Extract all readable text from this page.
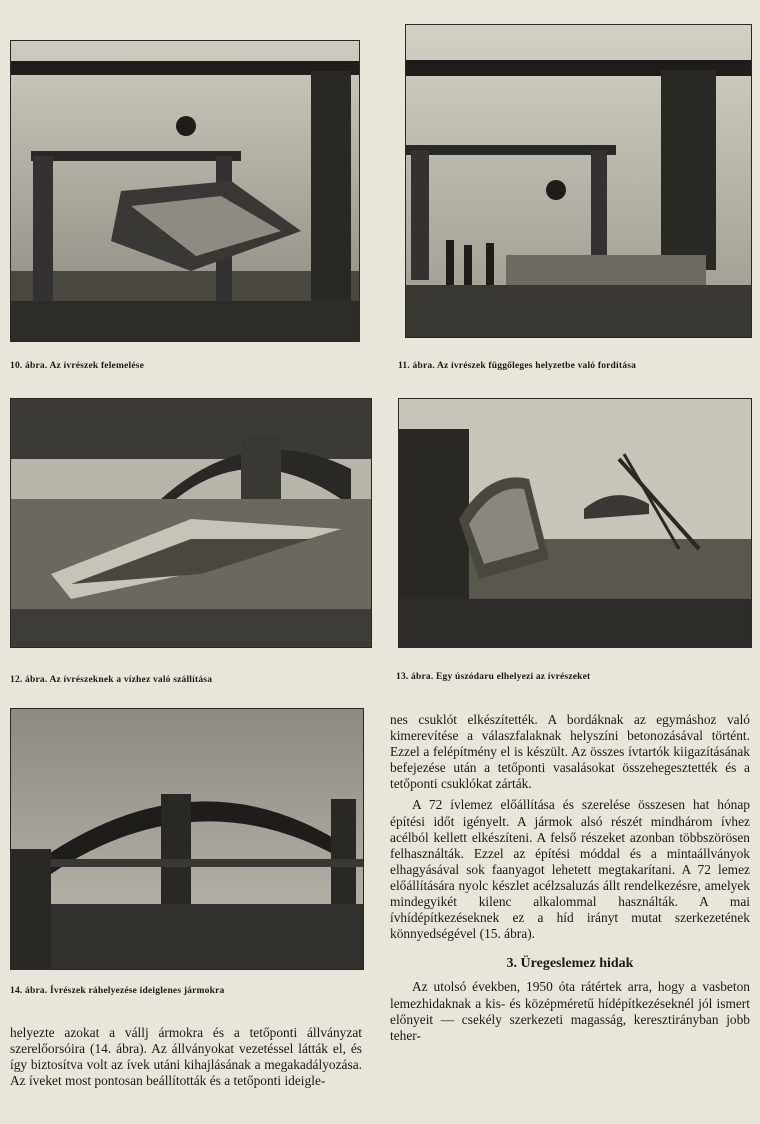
10. ábra. Az ívrészek felemelése	11. ábra. Az ívrészek függőleges helyzetbe való fordítása
12. ábra. Az ívrészeknek a vízhez való szállítása	13. ábra. Egy úszódaru elhelyezi az ívrészeket
14. ábra. Ívrészek ráhelyezése ideiglenes jármokra

nes csuklót elkészítették. A bordáknak az egymáshoz való kimerevítése a válaszfalaknak helyszíni betonozásával történt. Ezzel a felépítmény el is készült. Az összes ívtartók kiigazításának befejezése után a tetőponti vasalásokat összehegesztették és a tetőponti csuklókat zárták.

A 72 ívlemez előállítása és szerelése összesen hat hónap építési időt igényelt. A jármok alsó részét mindhárom ívhez acélból kellett elkészíteni. A felső részeket azonban többszörösen felhasználták. Ezzel az építési móddal és a mintaállványok elhagyásával sok faanyagot lehetett megtakarítani. A 72 lemez előállítására nyolc készlet acélzsaluzás állt rendelkezésre, amelyek mindegyikét kilenc alkalommal használták. A mai ívhídépítkezéseknek ez a híd irányt mutat szerkezetének könnyedségével (15. ábra).

3. Üregeslemez hidak

Az utolsó években, 1950 óta rátértek arra, hogy a vasbeton lemezhidaknak a kis- és középméretű hídépítkezéseknél jól ismert előnyeit — csekély szerkezeti magasság, keresztirányban jobb teher-

helyezte azokat a vállj ármokra és a tetőponti állványzat szerelőorsóira (14. ábra). Az állványokat vezetéssel látták el, és így biztosítva volt az ívek utáni kihajlásának a megakadályozása. Az íveket most pontosan beállították és a tetőponti ideigle-
